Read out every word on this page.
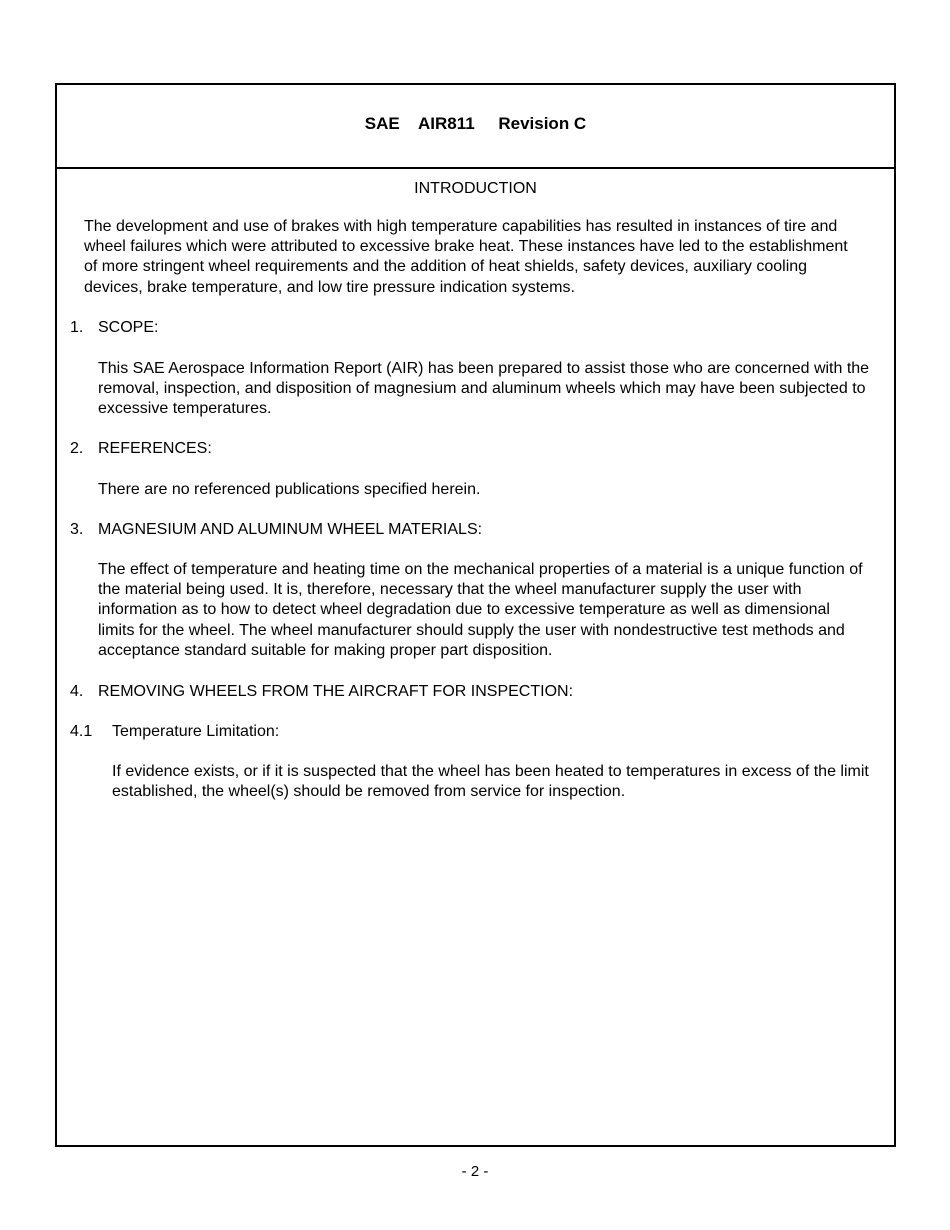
SAE AIR811 Revision C
INTRODUCTION

The development and use of brakes with high temperature capabilities has resulted in instances of tire and wheel failures which were attributed to excessive brake heat. These instances have led to the establishment of more stringent wheel requirements and the addition of heat shields, safety devices, auxiliary cooling devices, brake temperature, and low tire pressure indication systems.

1. SCOPE:

This SAE Aerospace Information Report (AIR) has been prepared to assist those who are concerned with the removal, inspection, and disposition of magnesium and aluminum wheels which may have been subjected to excessive temperatures.

2. REFERENCES:

There are no referenced publications specified herein.

3. MAGNESIUM AND ALUMINUM WHEEL MATERIALS:

The effect of temperature and heating time on the mechanical properties of a material is a unique function of the material being used. It is, therefore, necessary that the wheel manufacturer supply the user with information as to how to detect wheel degradation due to excessive temperature as well as dimensional limits for the wheel. The wheel manufacturer should supply the user with nondestructive test methods and acceptance standard suitable for making proper part disposition.

4. REMOVING WHEELS FROM THE AIRCRAFT FOR INSPECTION:
4.1 Temperature Limitation:

If evidence exists, or if it is suspected that the wheel has been heated to temperatures in excess of the limit established, the wheel(s) should be removed from service for inspection.

- 2 -
